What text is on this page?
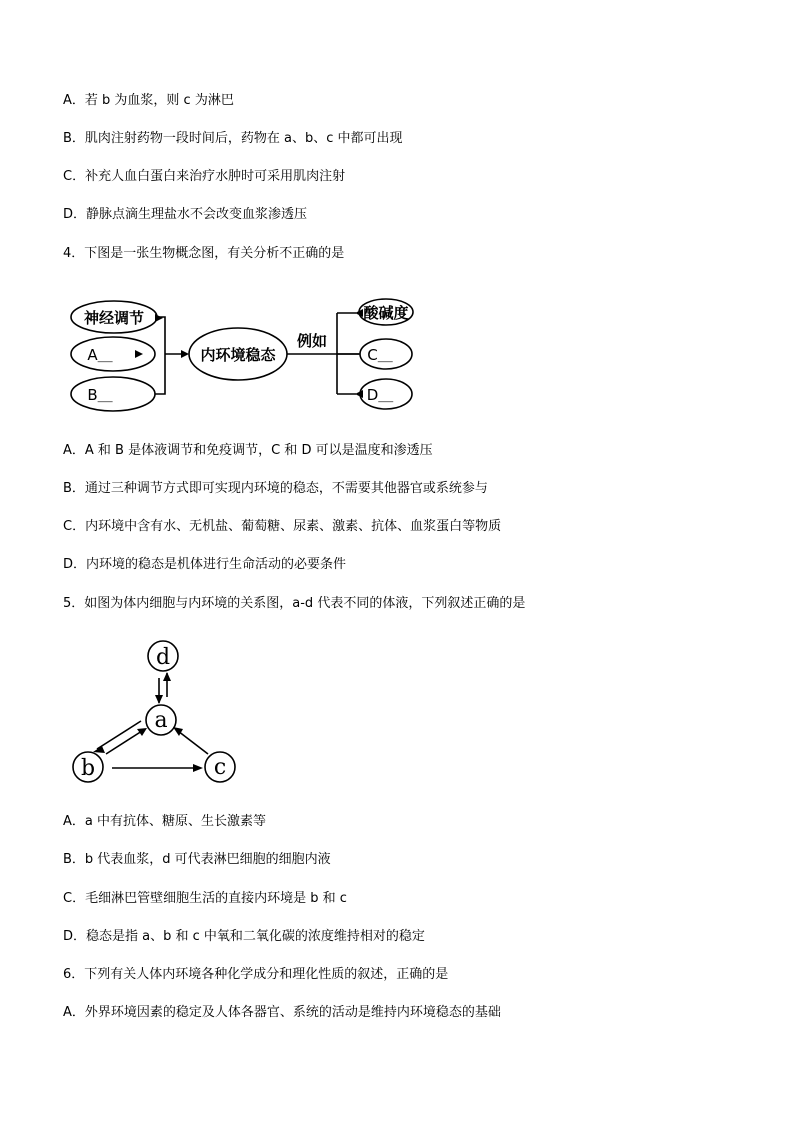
A．若 b 为血浆，则 c 为淋巴
B．肌肉注射药物一段时间后，药物在 a、b、c 中都可出现
C．补充人血白蛋白来治疗水肿时可采用肌肉注射
D．静脉点滴生理盐水不会改变血浆渗透压
4．下图是一张生物概念图，有关分析不正确的是
神经调节
A＿
B＿
内环境稳态
例如
酸碱度
C＿
D＿
A．A 和 B 是体液调节和免疫调节，C 和 D 可以是温度和渗透压
B．通过三种调节方式即可实现内环境的稳态，不需要其他器官或系统参与
C．内环境中含有水、无机盐、葡萄糖、尿素、激素、抗体、血浆蛋白等物质
D．内环境的稳态是机体进行生命活动的必要条件
5．如图为体内细胞与内环境的关系图，a-d 代表不同的体液，下列叙述正确的是
d
a
b	c
A．a 中有抗体、糖原、生长激素等
B．b 代表血浆，d 可代表淋巴细胞的细胞内液
C．毛细淋巴管壁细胞生活的直接内环境是 b 和 c
D．稳态是指 a、b 和 c 中氧和二氧化碳的浓度维持相对的稳定
6．下列有关人体内环境各种化学成分和理化性质的叙述，正确的是
A．外界环境因素的稳定及人体各器官、系统的活动是维持内环境稳态的基础
